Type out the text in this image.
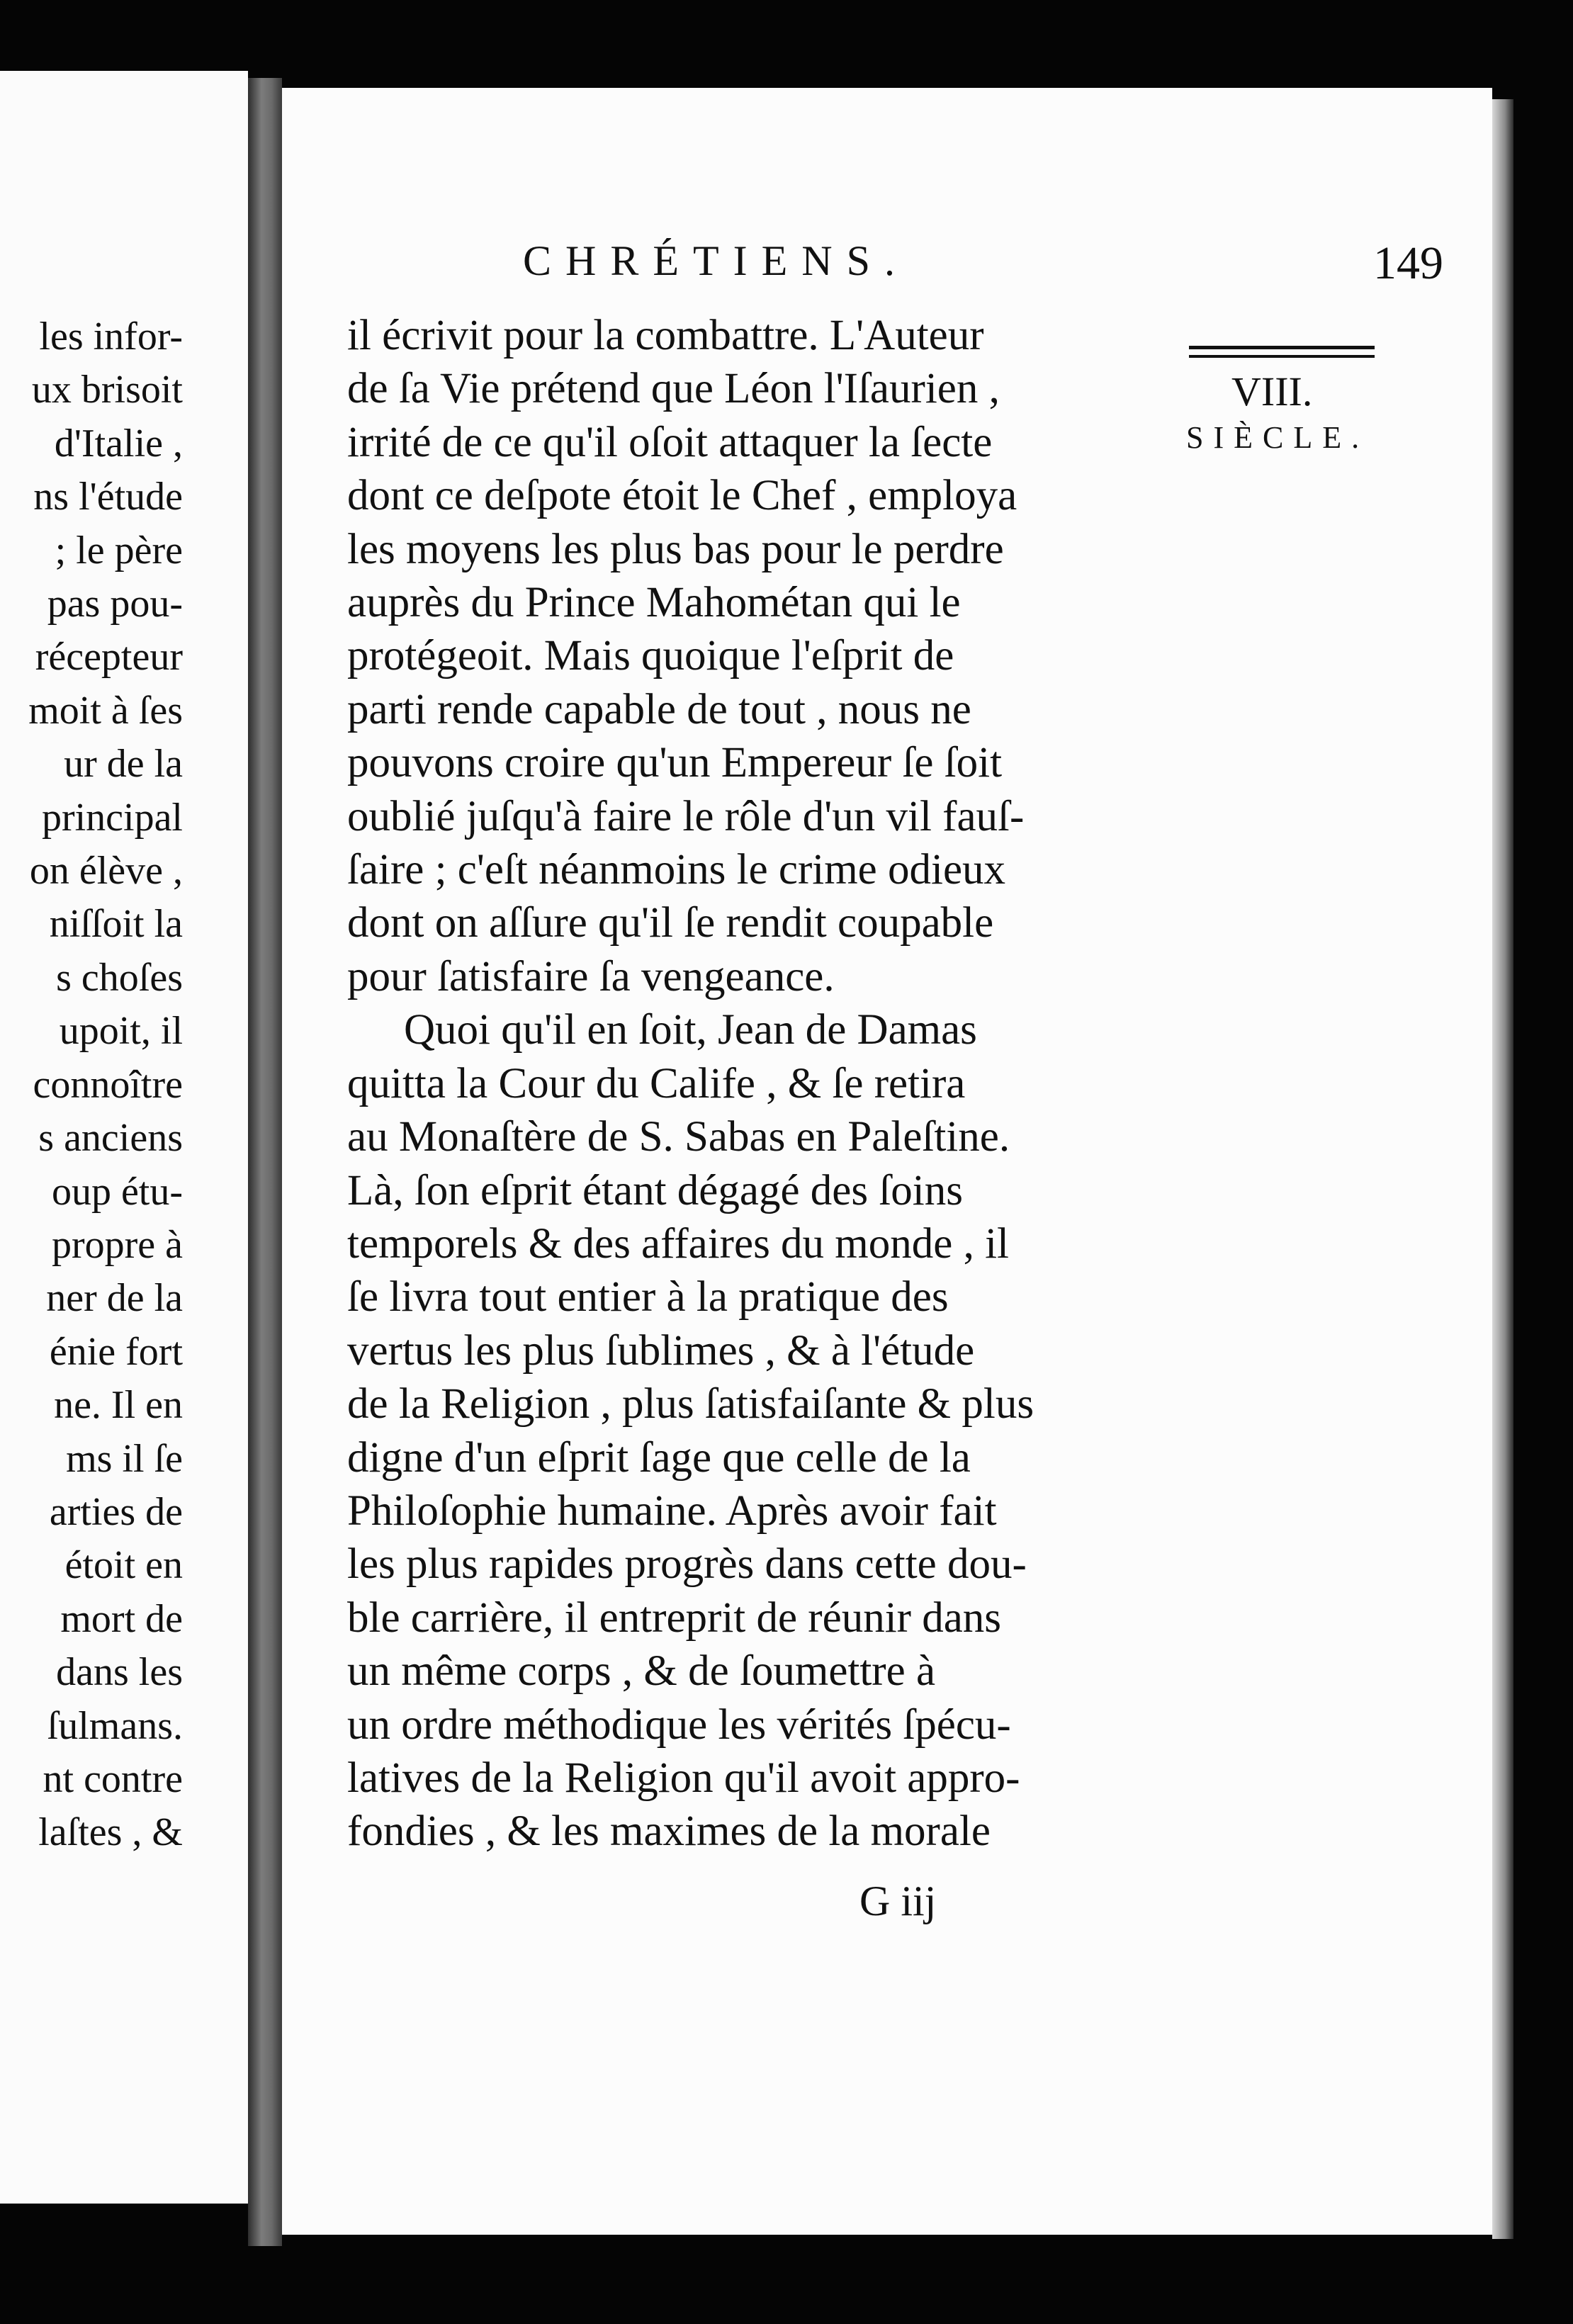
les infor-
ux brisoit
d'Italie ,
ns l'étude
; le père
pas pou-
récepteur
moit à ſes
ur de la
principal
on élève ,
niſſoit la
s choſes
upoit, il
connoître
s anciens
oup étu-
propre à
ner de la
énie fort
ne. Il en
ms il ſe
arties de
étoit en
mort de
dans les
ſulmans.
nt contre
laſtes , &
CHRÉTIENS.	149
il écrivit pour la combattre. L'Auteur
de ſa Vie prétend que Léon l'Iſaurien ,
irrité de ce qu'il oſoit attaquer la ſecte
dont ce deſpote étoit le Chef , employa
les moyens les plus bas pour le perdre
auprès du Prince Mahométan qui le
protégeoit. Mais quoique l'eſprit de
parti rende capable de tout , nous ne
pouvons croire qu'un Empereur ſe ſoit
oublié juſqu'à faire le rôle d'un vil fauſ-
ſaire ; c'eſt néanmoins le crime odieux
dont on aſſure qu'il ſe rendit coupable
pour ſatisfaire ſa vengeance.
Quoi qu'il en ſoit, Jean de Damas
quitta la Cour du Calife , & ſe retira
au Monaſtère de S. Sabas en Paleſtine.
Là, ſon eſprit étant dégagé des ſoins
temporels & des affaires du monde , il
ſe livra tout entier à la pratique des
vertus les plus ſublimes , & à l'étude
de la Religion , plus ſatisfaiſante & plus
digne d'un eſprit ſage que celle de la
Philoſophie humaine. Après avoir fait
les plus rapides progrès dans cette dou-
ble carrière, il entreprit de réunir dans
un même corps , & de ſoumettre à
un ordre méthodique les vérités ſpécu-
latives de la Religion qu'il avoit appro-
fondies , & les maximes de la morale
VIII.
SIÈCLE.
G iij
